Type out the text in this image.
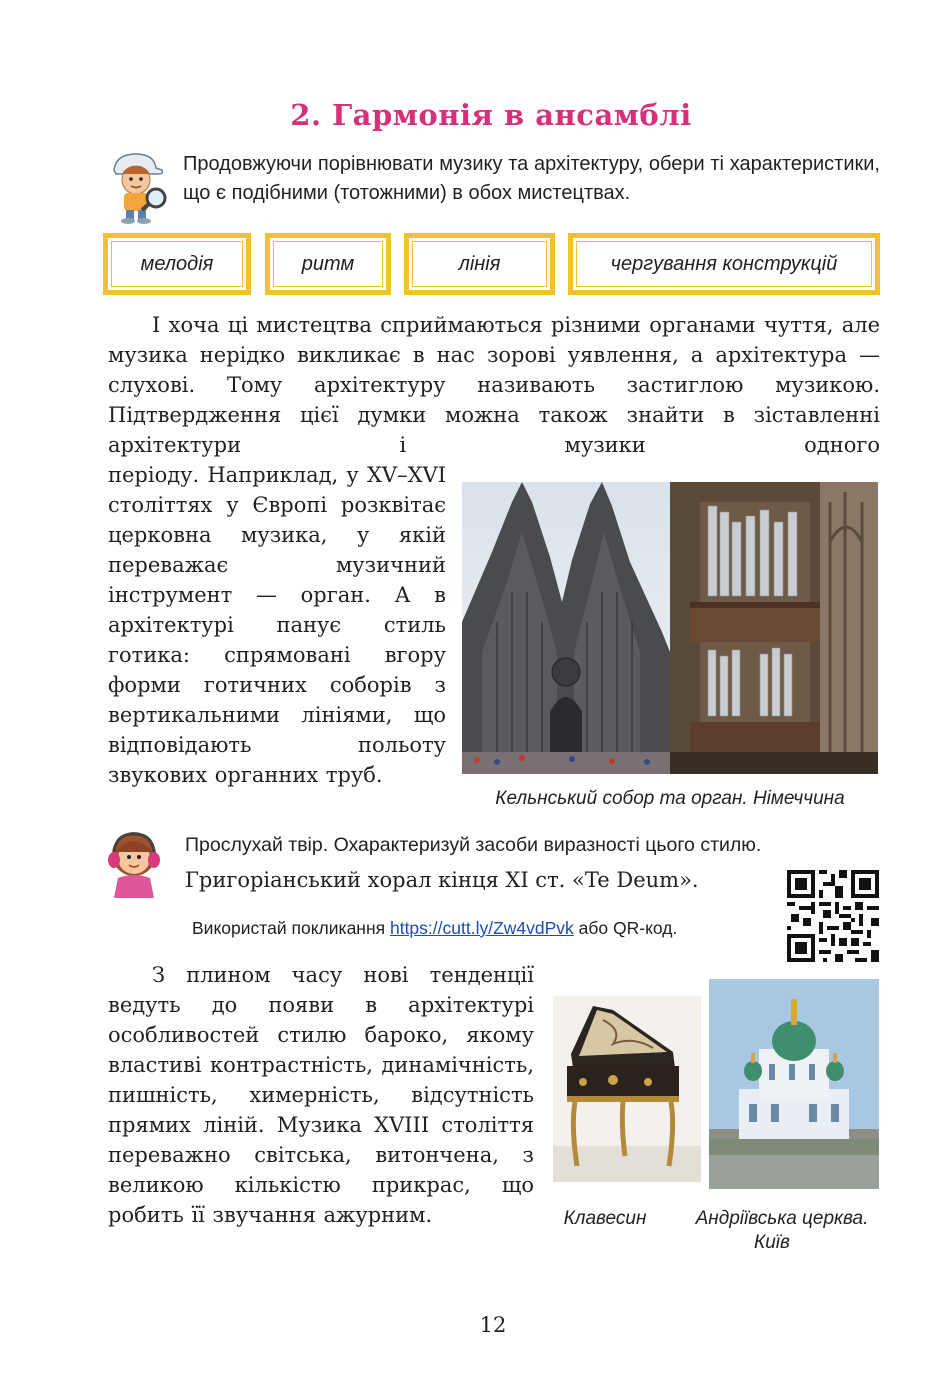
2. Гармонія в ансамблі
Продовжуючи порівнювати музику та архітектуру, обери ті характеристики, що є подібними (тотожними) в обох мистецтвах.
мелодія	ритм	лінія	чергування конструкцій
І хоча ці мистецтва сприймаються різними органами чуття, але музика нерідко викликає в нас зорові уявлення, а архітектура — слухові. Тому архітектуру називають застиглою музикою. Підтвердження цієї думки можна також знайти в зіставленні архітектури і музики одного
періоду. Наприклад, у XV–XVI століттях у Європі розквітає церковна музика, у якій переважає музичний інструмент — орган. А в архітектурі панує стиль готика: спрямовані вгору форми готичних соборів з вертикальними лініями, що відповідають польоту звукових органних труб.
Кельнський собор та орган. Німеччина
Прослухай твір. Охарактеризуй засоби виразності цього стилю.
Григоріанський хорал кінця XI ст. «Te Deum».
Використай покликання https://cutt.ly/Zw4vdPvk або QR-код.
З плином часу нові тенденції ведуть до появи в архітектурі особливостей стилю бароко, якому властиві контрастність, динамічність, пишність, химерність, відсутність прямих ліній. Музика XVIII століття переважно світська, витончена, з великою кількістю прикрас, що робить її звучання ажурним.	Клавесин	Андріївська церква.
Київ
12
